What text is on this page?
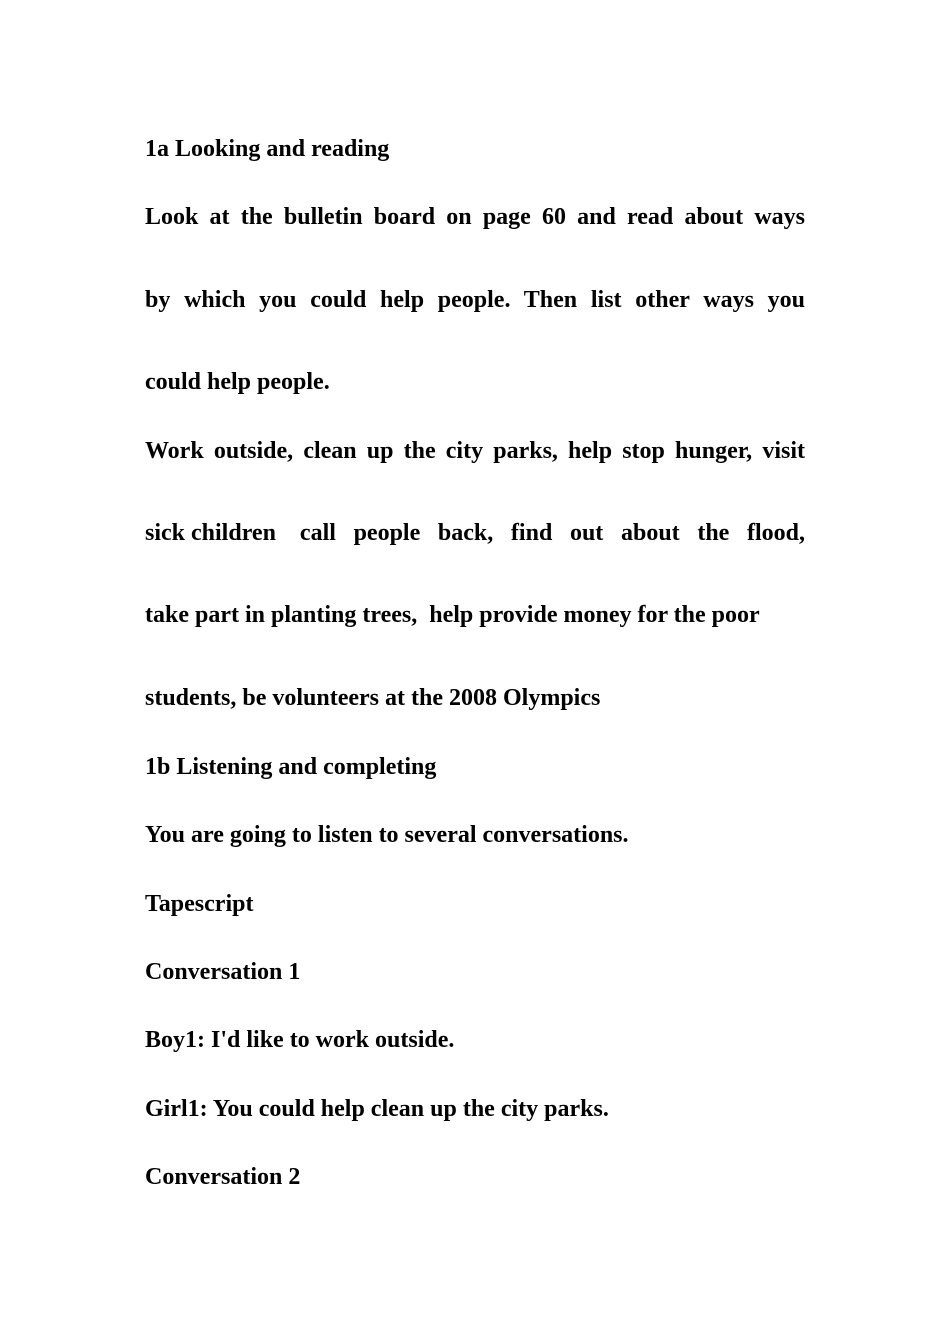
1a Looking and reading
Look at the bulletin board on page 60 and read about ways
by which you could help people. Then list other ways you
could help people.
Work outside, clean up the city parks, help stop hunger, visit
sick children call people back, find out about the flood,
take part in planting trees,  help provide money for the poor
students, be volunteers at the 2008 Olympics
1b Listening and completing
You are going to listen to several conversations.
Tapescript
Conversation 1
Boy1: I'd like to work outside.
Girl1: You could help clean up the city parks.
Conversation 2
